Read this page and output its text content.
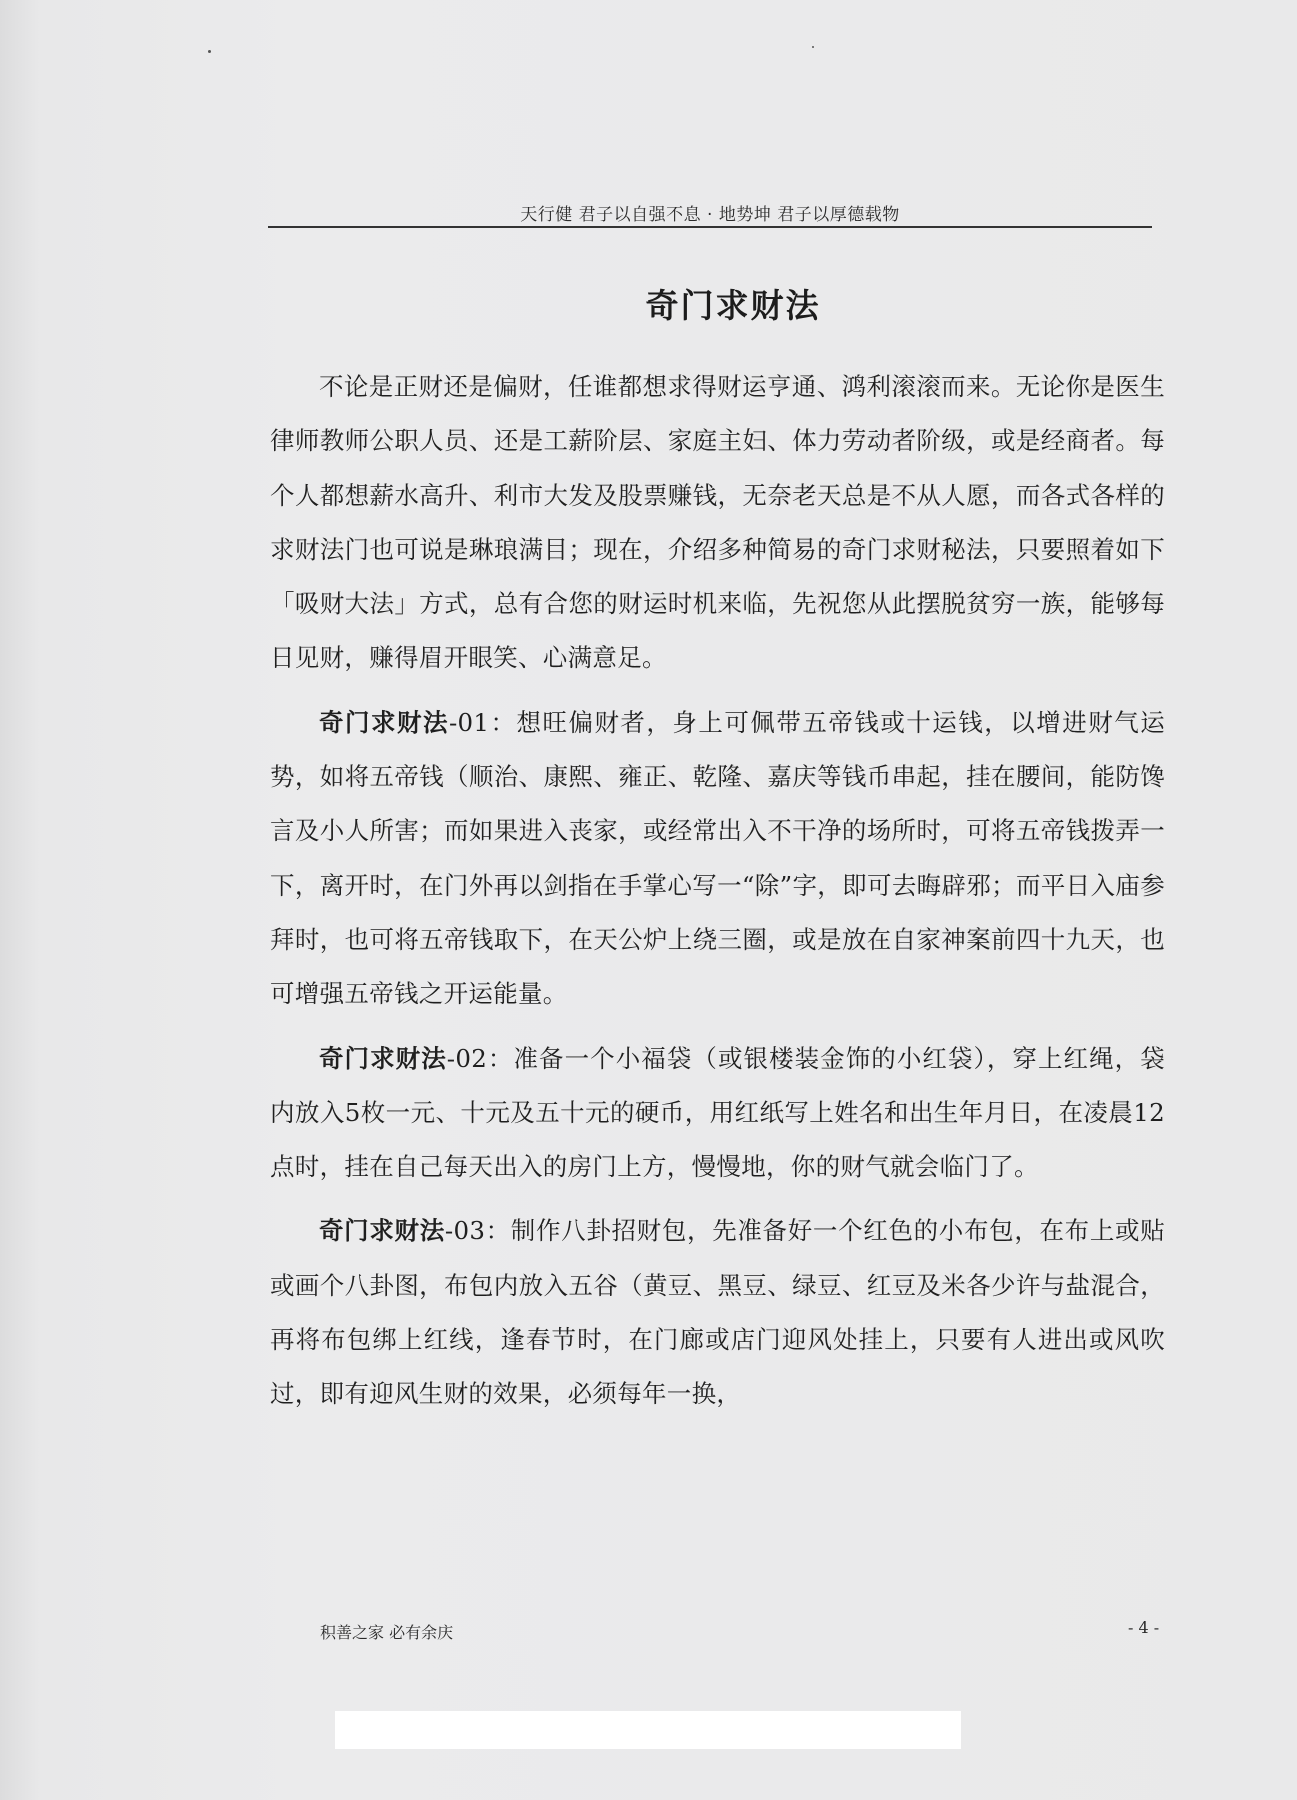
天行健 君子以自强不息 · 地势坤 君子以厚德载物
奇门求财法

不论是正财还是偏财，任谁都想求得财运亨通、鸿利滚滚而来。无论你是医生律师教师公职人员、还是工薪阶层、家庭主妇、体力劳动者阶级，或是经商者。每个人都想薪水高升、利市大发及股票赚钱，无奈老天总是不从人愿，而各式各样的求财法门也可说是琳琅满目；现在，介绍多种简易的奇门求财秘法，只要照着如下「吸财大法」方式，总有合您的财运时机来临，先祝您从此摆脱贫穷一族，能够每日见财，赚得眉开眼笑、心满意足。

奇门求财法-01：想旺偏财者，身上可佩带五帝钱或十运钱，以增进财气运势，如将五帝钱（顺治、康熙、雍正、乾隆、嘉庆等钱币串起，挂在腰间，能防馋言及小人所害；而如果进入丧家，或经常出入不干净的场所时，可将五帝钱拨弄一下，离开时，在门外再以剑指在手掌心写一“除”字，即可去晦辟邪；而平日入庙参拜时，也可将五帝钱取下，在天公炉上绕三圈，或是放在自家神案前四十九天，也可增强五帝钱之开运能量。

奇门求财法-02：准备一个小福袋（或银楼装金饰的小红袋），穿上红绳，袋内放入5枚一元、十元及五十元的硬币，用红纸写上姓名和出生年月日，在凌晨12点时，挂在自己每天出入的房门上方，慢慢地，你的财气就会临门了。

奇门求财法-03：制作八卦招财包，先准备好一个红色的小布包，在布上或贴或画个八卦图，布包内放入五谷（黄豆、黑豆、绿豆、红豆及米各少许与盐混合，再将布包绑上红线，逢春节时，在门廊或店门迎风处挂上，只要有人进出或风吹过，即有迎风生财的效果，必须每年一换，

积善之家 必有余庆	- 4 -
